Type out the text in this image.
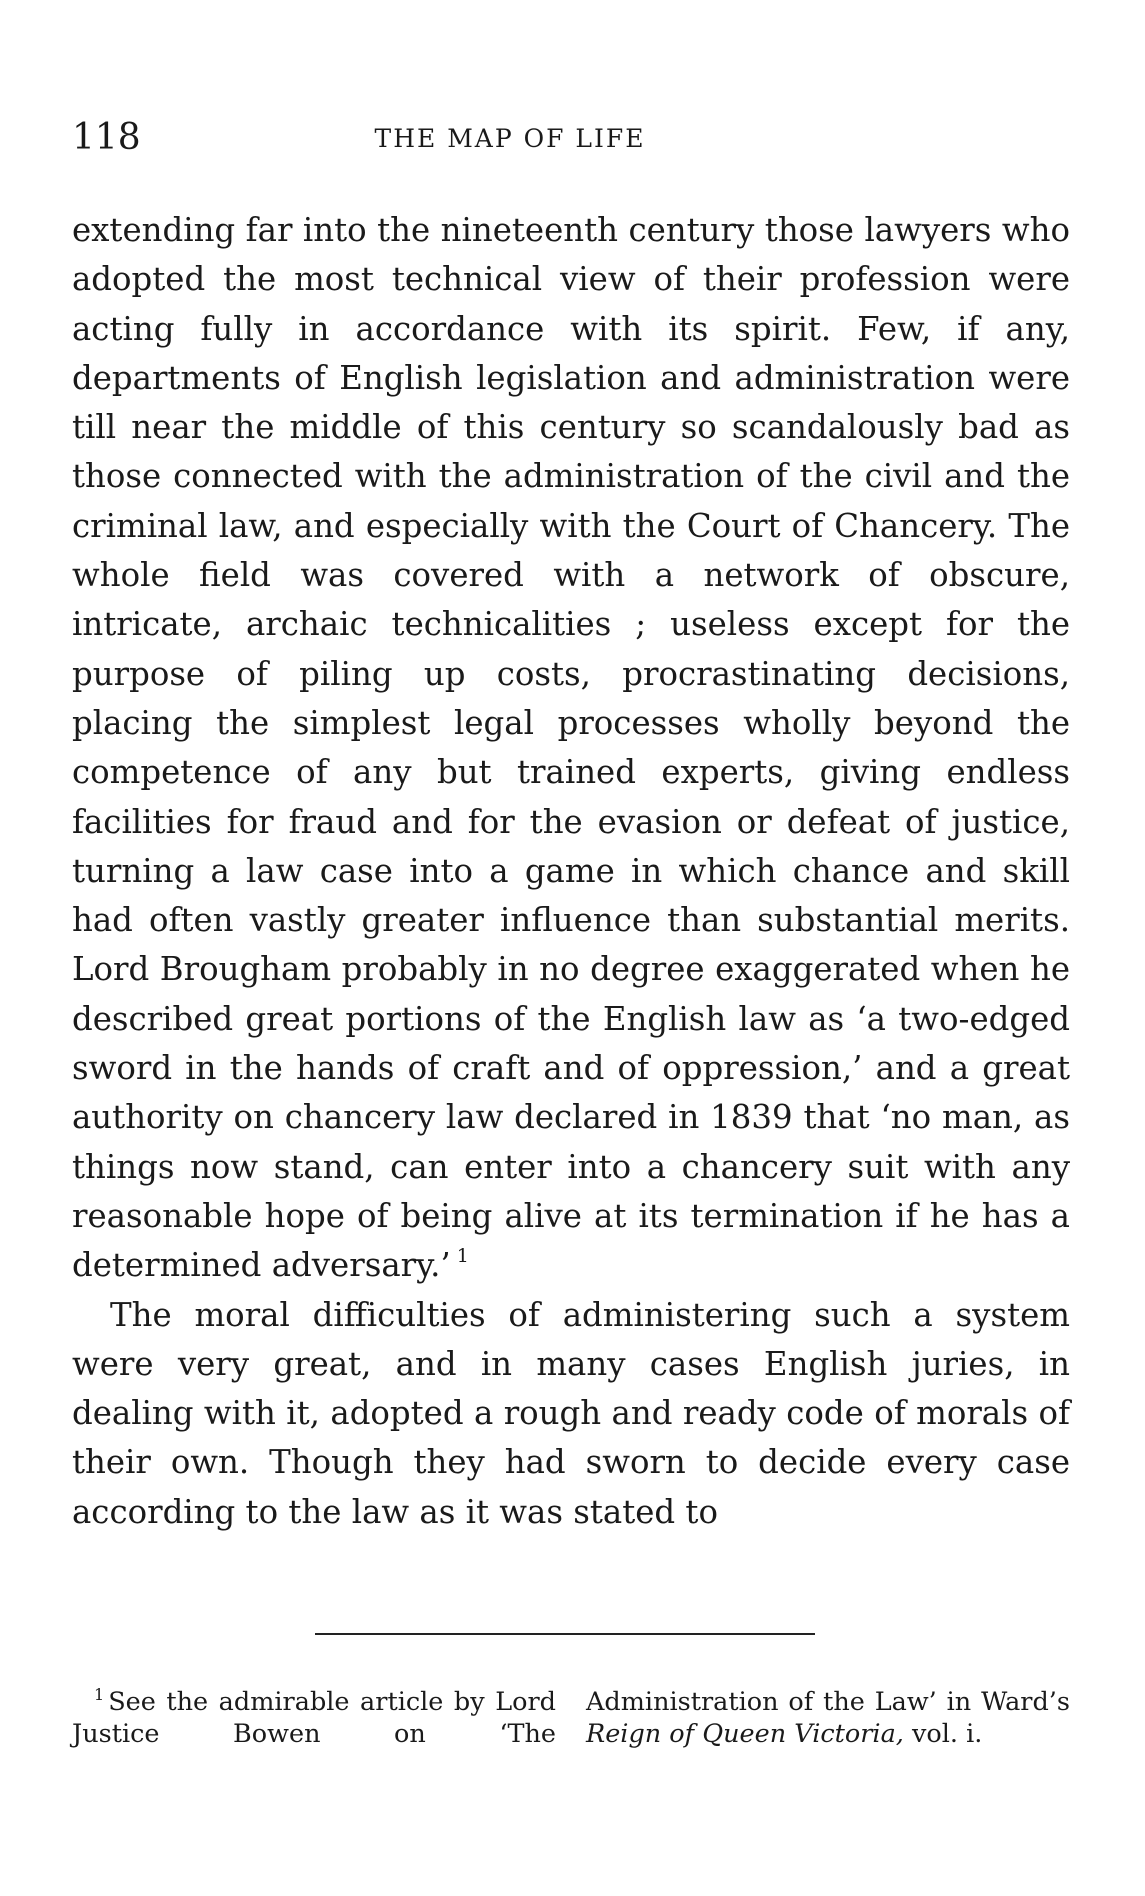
118	THE MAP OF LIFE

extending far into the nineteenth century those lawyers who adopted the most technical view of their profession were acting fully in accordance with its spirit. Few, if any, departments of English legislation and administration were till near the middle of this century so scandalously bad as those connected with the administration of the civil and the criminal law, and especially with the Court of Chancery. The whole field was covered with a network of obscure, intricate, archaic technicalities ; useless except for the purpose of piling up costs, procrastinating decisions, placing the simplest legal processes wholly beyond the competence of any but trained experts, giving endless facilities for fraud and for the evasion or defeat of justice, turning a law case into a game in which chance and skill had often vastly greater influence than substantial merits. Lord Brougham probably in no degree exaggerated when he described great portions of the English law as ‘a two-edged sword in the hands of craft and of oppression,’ and a great authority on chancery law declared in 1839 that ‘no man, as things now stand, can enter into a chancery suit with any reasonable hope of being alive at its termination if he has a determined adversary.’ $^1$

The moral difficulties of administering such a system were very great, and in many cases English juries, in dealing with it, adopted a rough and ready code of morals of their own. Though they had sworn to decide every case according to the law as it was stated to

$^1$ See the admirable article by Lord Justice Bowen on ‘The Administration of the Law’ in Ward’s Reign of Queen Victoria, vol. i.
